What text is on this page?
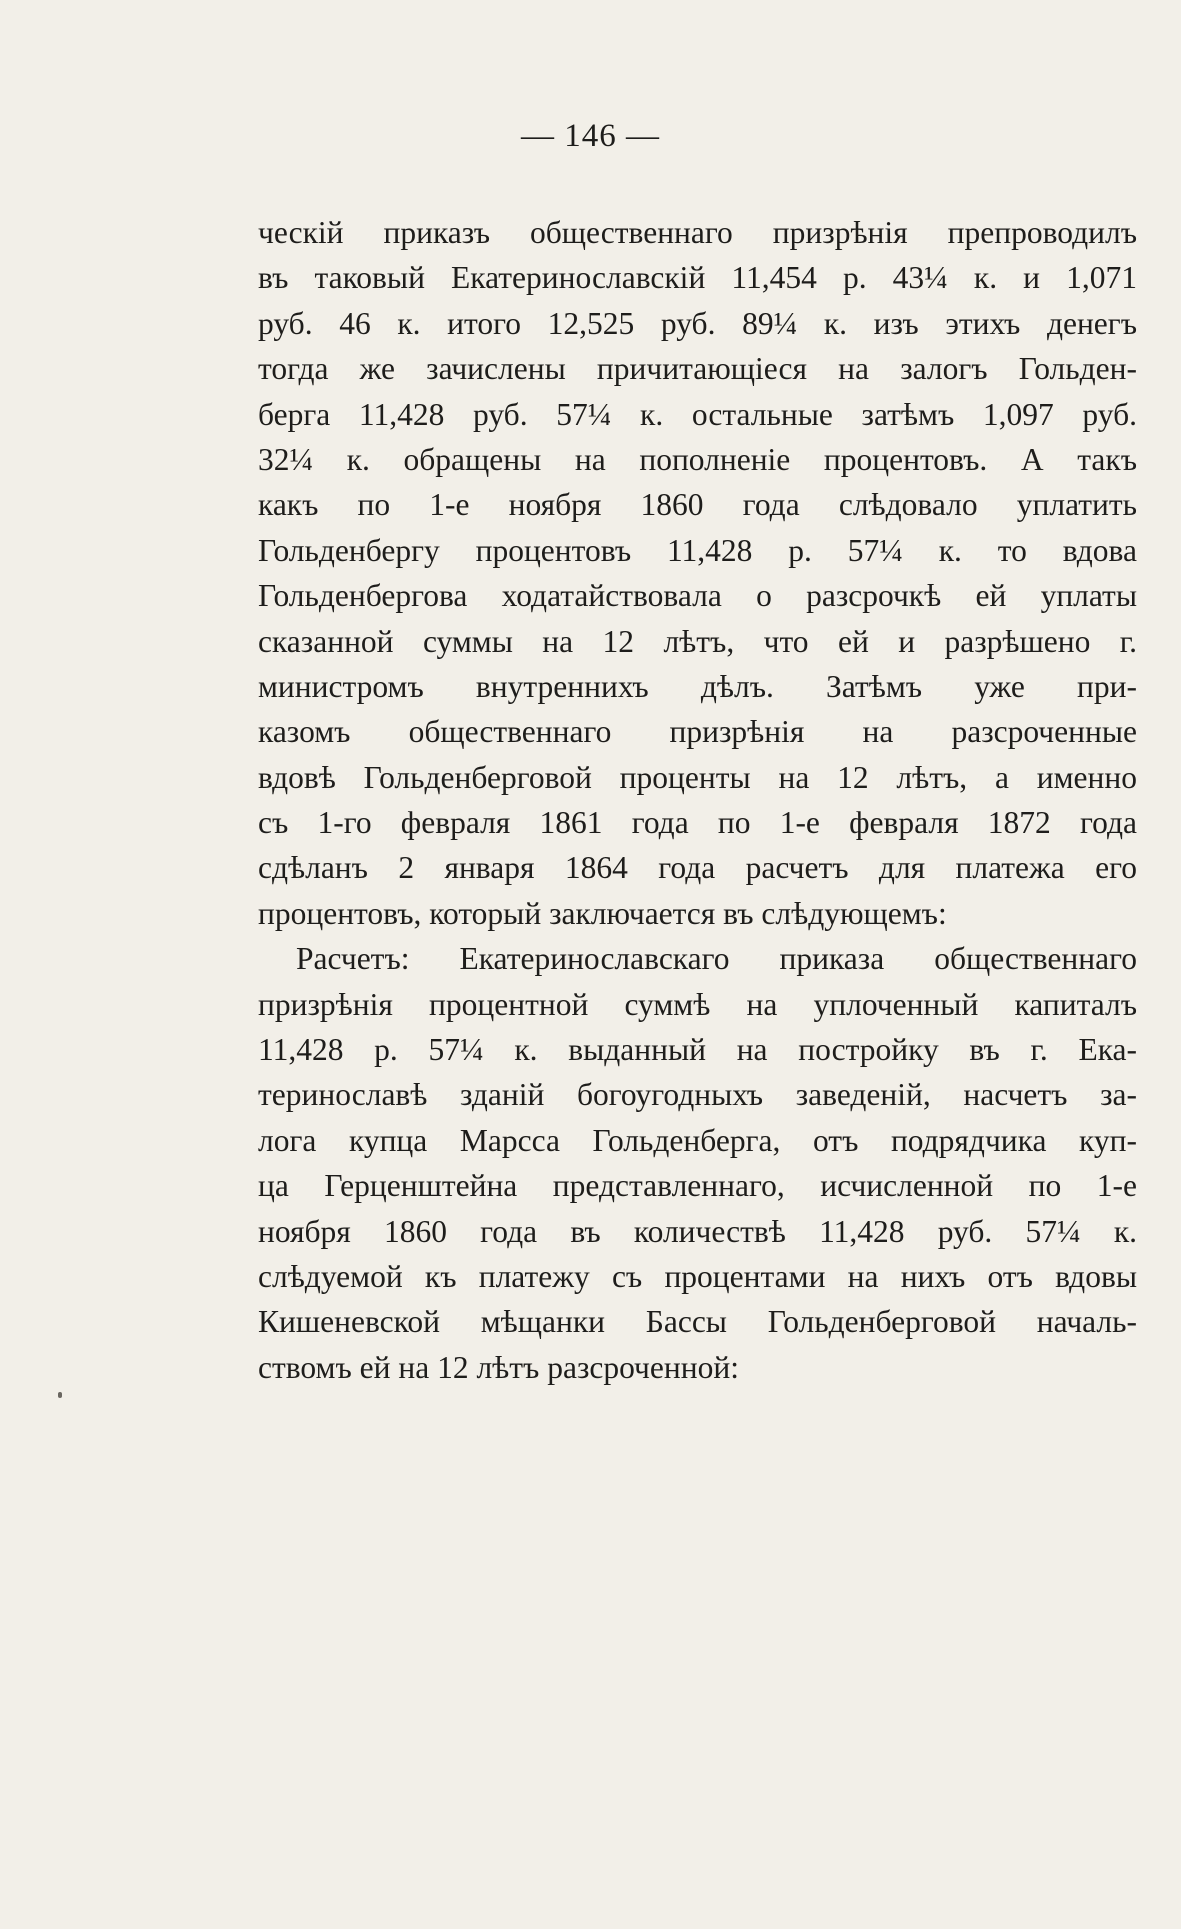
— 146 —
ческій приказъ общественнаго призрѣнія препроводилъ
въ таковый Екатеринославскій 11,454 р. 43¼ к. и 1,071
руб. 46 к. итого 12,525 руб. 89¼ к. изъ этихъ денегъ
тогда же зачислены причитающіеся на залогъ Гольден-
берга 11,428 руб. 57¼ к. остальные затѣмъ 1,097 руб.
32¼ к. обращены на пополненіе процентовъ. А такъ
какъ по 1-е ноября 1860 года слѣдовало уплатить
Гольденбергу процентовъ 11,428 р. 57¼ к. то вдова
Гольденбергова ходатайствовала о разсрочкѣ ей уплаты
сказанной суммы на 12 лѣтъ, что ей и разрѣшено г.
министромъ внутреннихъ дѣлъ. Затѣмъ уже при-
казомъ общественнаго призрѣнія на разсроченные
вдовѣ Гольденберговой проценты на 12 лѣтъ, а именно
съ 1-го февраля 1861 года по 1-е февраля 1872 года
сдѣланъ 2 января 1864 года расчетъ для платежа его
процентовъ, который заключается въ слѣдующемъ:
Расчетъ: Екатеринославскаго приказа общественнаго
призрѣнія процентной суммѣ на уплоченный капиталъ
11,428 р. 57¼ к. выданный на постройку въ г. Ека-
теринославѣ зданій богоугодныхъ заведеній, насчетъ за-
лога купца Марсса Гольденберга, отъ подрядчика куп-
ца Герценштейна представленнаго, исчисленной по 1-е
ноября 1860 года въ количествѣ 11,428 руб. 57¼ к.
слѣдуемой къ платежу съ процентами на нихъ отъ вдовы
Кишеневской мѣщанки Бассы Гольденберговой началь-
ствомъ ей на 12 лѣтъ разсроченной:
